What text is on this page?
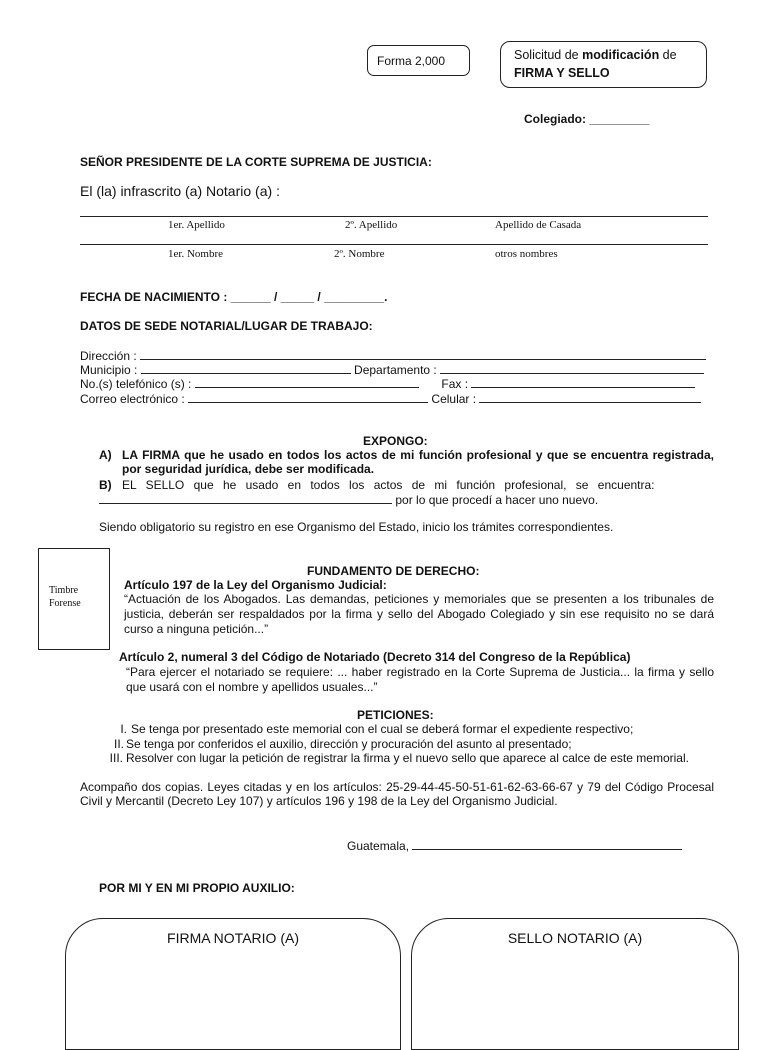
Forma 2,000	Solicitud de modificación de
FIRMA Y SELLO
Colegiado: _________
SEÑOR PRESIDENTE DE LA CORTE SUPREMA DE JUSTICIA:
El (la) infrascrito (a) Notario (a) :
1er. Apellido	2º. Apellido	Apellido de Casada
1er. Nombre	2º. Nombre	otros nombres
FECHA DE NACIMIENTO : ______ / _____ / _________.
DATOS DE SEDE NOTARIAL/LUGAR DE TRABAJO:
Dirección :
Municipio :	Departamento :
No.(s) telefónico (s) :	Fax :
Correo electrónico :	Celular :
EXPONGO:
A) LA FIRMA que he usado en todos los actos de mi función profesional y que se encuentra registrada, por seguridad jurídica, debe ser modificada.
B) EL SELLO que he usado en todos los actos de mi función profesional, se encuentra:
por lo que procedí a hacer uno nuevo.
Siendo obligatorio su registro en ese Organismo del Estado, inicio los trámites correspondientes.
Timbre Forense
FUNDAMENTO DE DERECHO:
Artículo 197 de la Ley del Organismo Judicial:
“Actuación de los Abogados. Las demandas, peticiones y memoriales que se presenten a los tribunales de justicia, deberán ser respaldados por la firma y sello del Abogado Colegiado y sin ese requisito no se dará curso a ninguna petición...”
Artículo 2, numeral 3 del Código de Notariado (Decreto 314 del Congreso de la República)
“Para ejercer el notariado se requiere: ... haber registrado en la Corte Suprema de Justicia... la firma y sello que usará con el nombre y apellidos usuales...”
PETICIONES:
I. Se tenga por presentado este memorial con el cual se deberá formar el expediente respectivo;
II. Se tenga por conferidos el auxilio, dirección y procuración del asunto al presentado;
III. Resolver con lugar la petición de registrar la firma y el nuevo sello que aparece al calce de este memorial.
Acompaño dos copias. Leyes citadas y en los artículos: 25-29-44-45-50-51-61-62-63-66-67 y 79 del Código Procesal Civil y Mercantil (Decreto Ley 107) y artículos 196 y 198 de la Ley del Organismo Judicial.
Guatemala,
POR MI Y EN MI PROPIO AUXILIO:
FIRMA NOTARIO (A)	SELLO NOTARIO (A)
